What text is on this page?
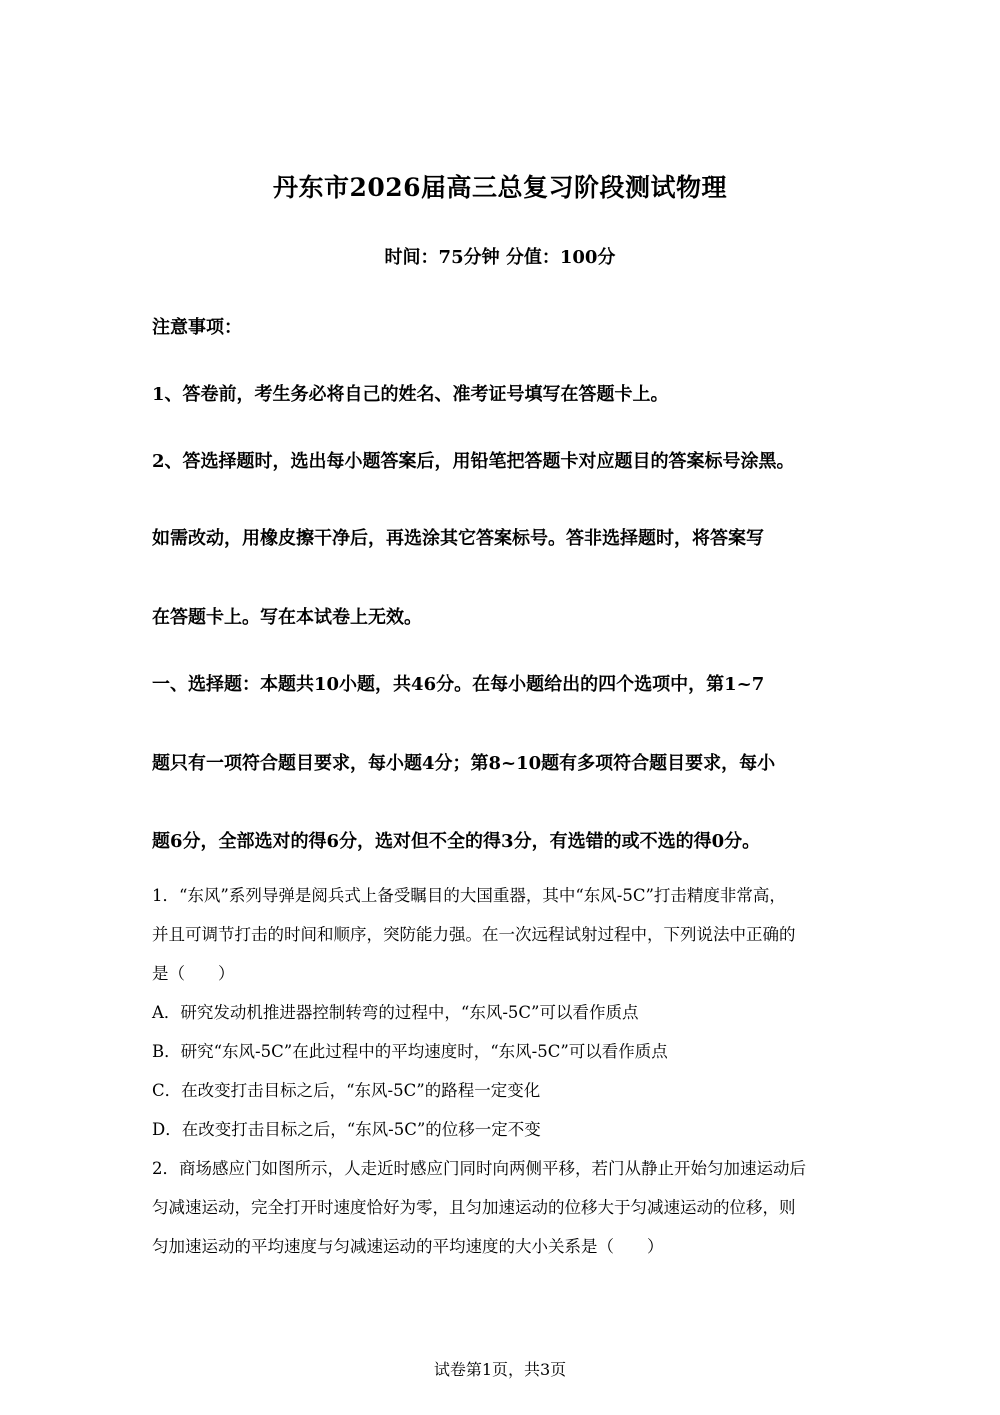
丹东市2026届高三总复习阶段测试物理
时间：75分钟 分值：100分
注意事项：
1、答卷前，考生务必将自己的姓名、准考证号填写在答题卡上。
2、答选择题时，选出每小题答案后，用铅笔把答题卡对应题目的答案标号涂黑。
如需改动，用橡皮擦干净后，再选涂其它答案标号。答非选择题时，将答案写
在答题卡上。写在本试卷上无效。
一、选择题：本题共10小题，共46分。在每小题给出的四个选项中，第1~7
题只有一项符合题目要求，每小题4分；第8~10题有多项符合题目要求，每小
题6分，全部选对的得6分，选对但不全的得3分，有选错的或不选的得0分。
1．“东风”系列导弹是阅兵式上备受瞩目的大国重器，其中“东风-5C”打击精度非常高，
并且可调节打击的时间和顺序，突防能力强。在一次远程试射过程中，下列说法中正确的
是（　　）
A．研究发动机推进器控制转弯的过程中，“东风-5C”可以看作质点
B．研究“东风-5C”在此过程中的平均速度时，“东风-5C”可以看作质点
C．在改变打击目标之后，“东风-5C”的路程一定变化
D．在改变打击目标之后，“东风-5C”的位移一定不变
2．商场感应门如图所示，人走近时感应门同时向两侧平移，若门从静止开始匀加速运动后
匀减速运动，完全打开时速度恰好为零，且匀加速运动的位移大于匀减速运动的位移，则
匀加速运动的平均速度与匀减速运动的平均速度的大小关系是（　　）
试卷第1页，共3页
